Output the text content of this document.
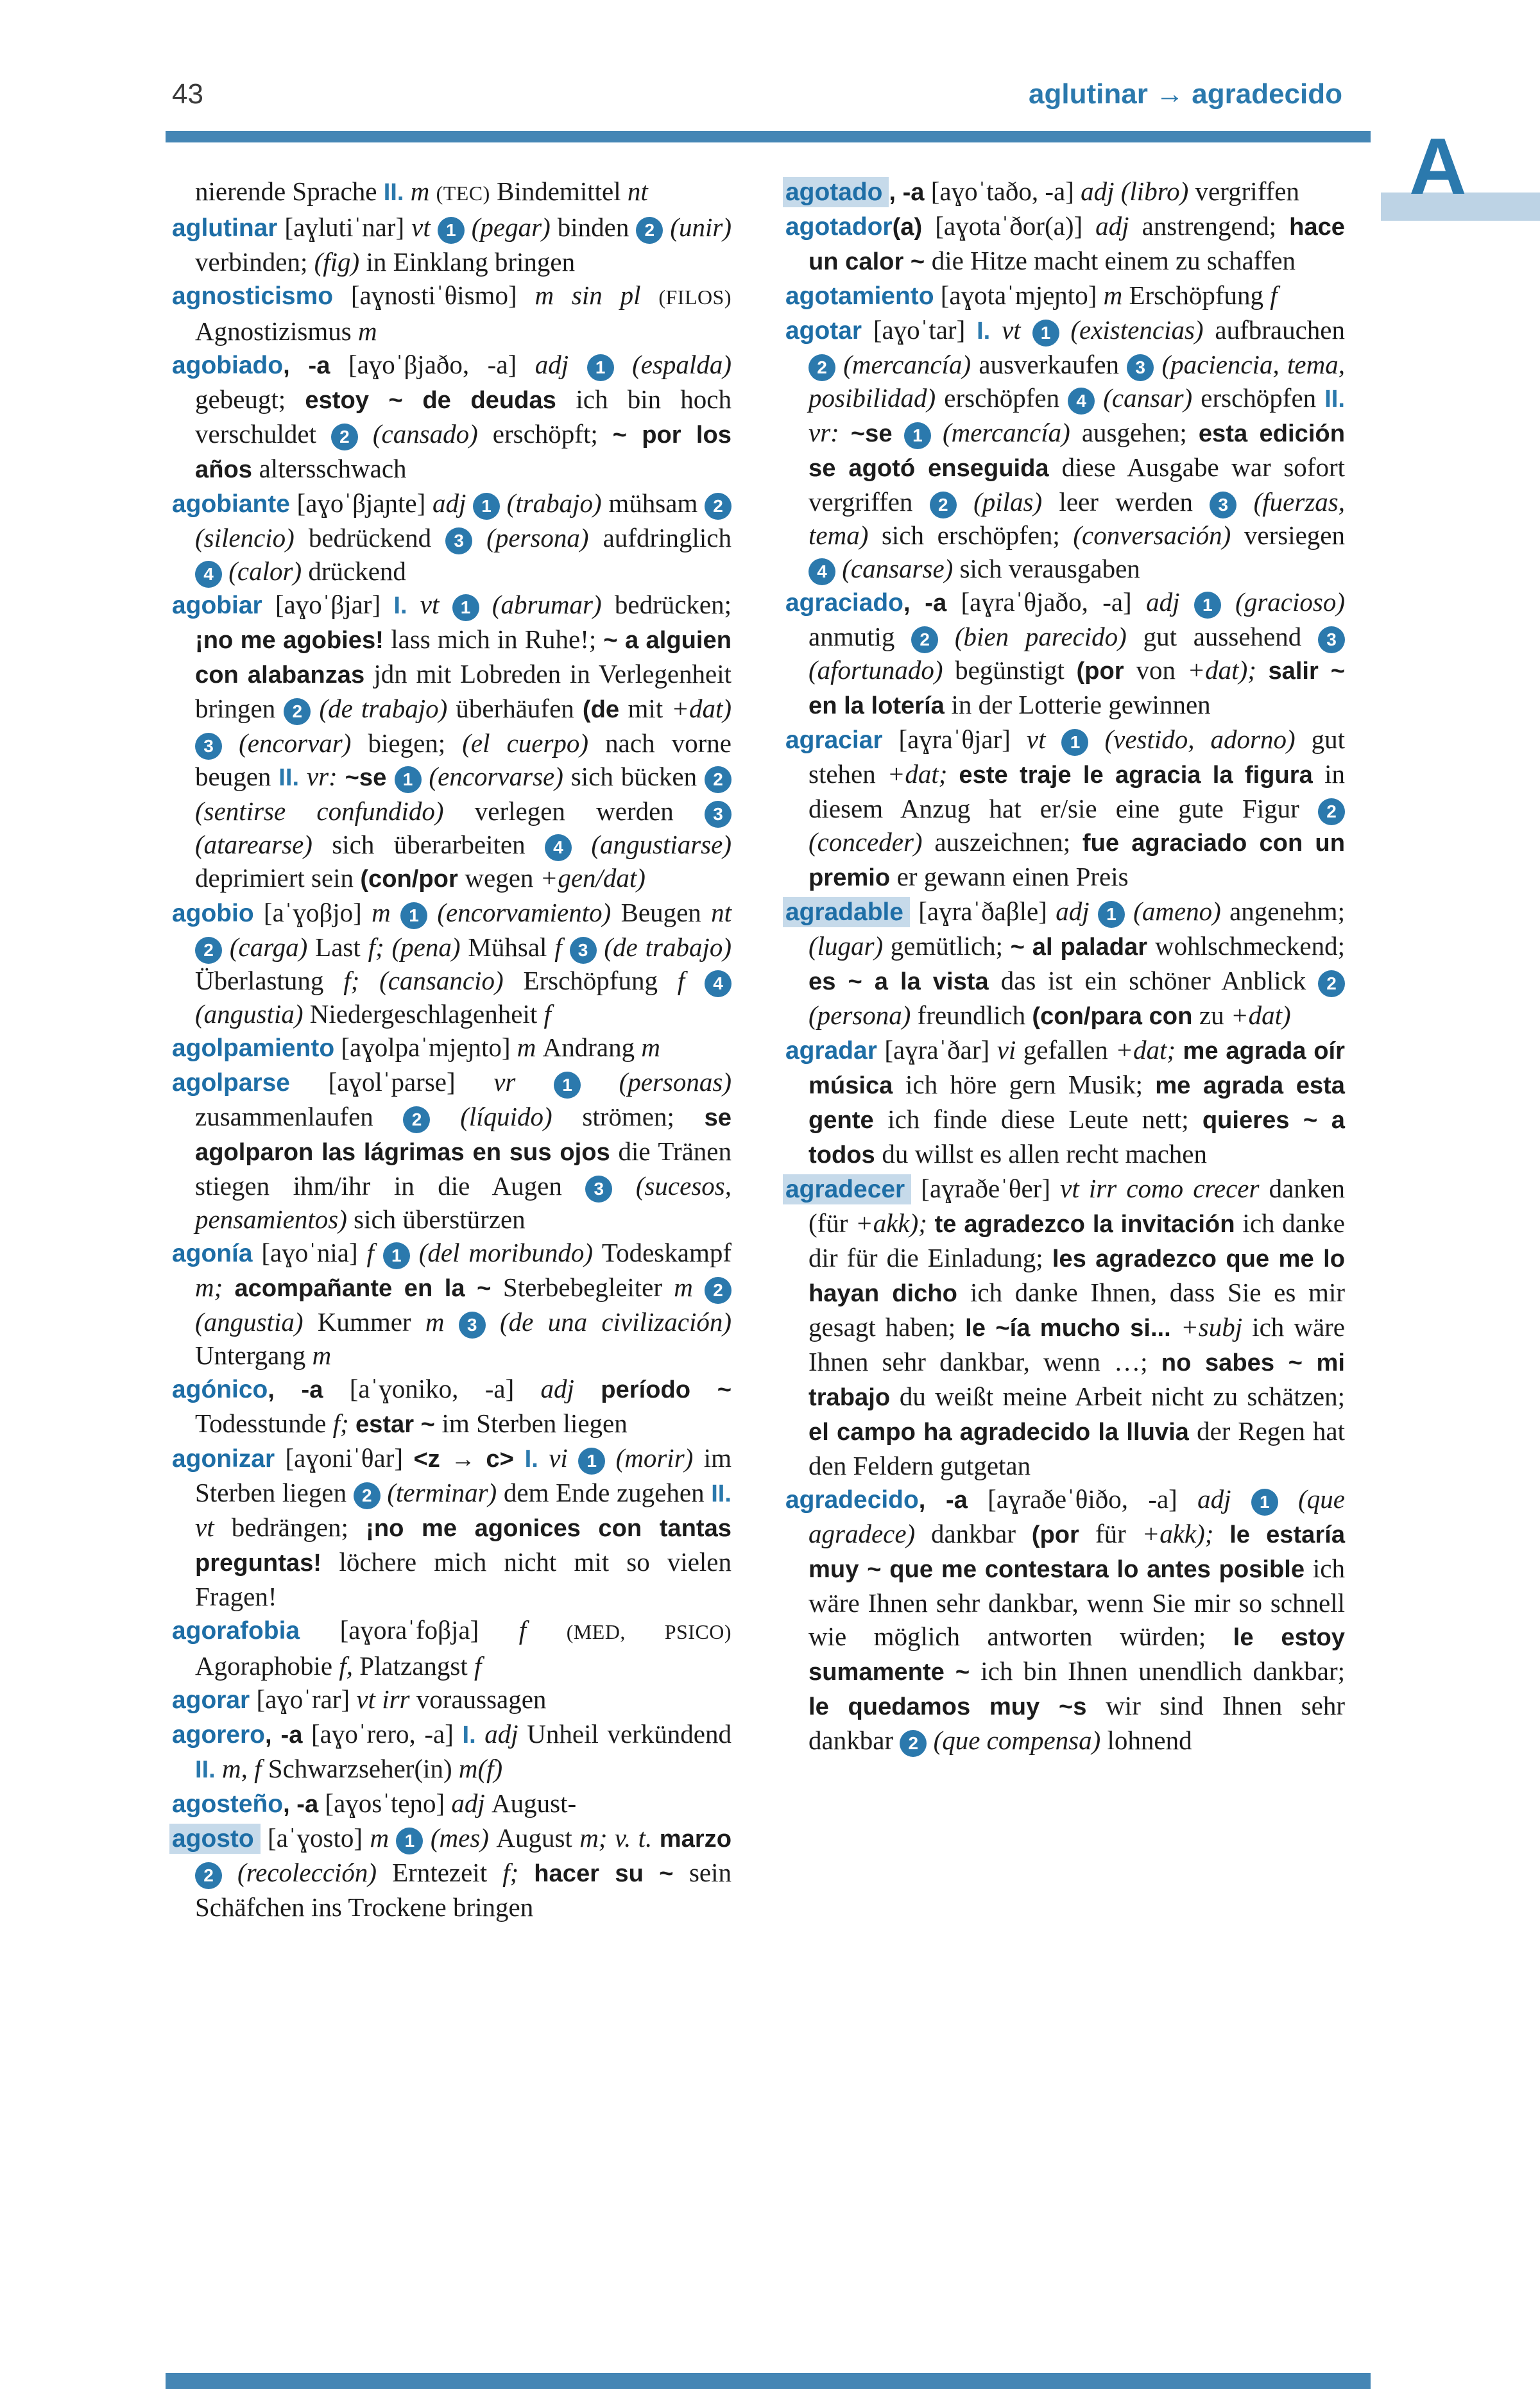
43	aglutinar → agradecido
A

nierende Sprache II. m (TEC) Bindemittel nt

aglutinar [aɣlutiˈnar] vt 1 (pegar) binden 2 (unir) verbinden; (fig) in Einklang bringen

agnosticismo [aɣnostiˈθismo] m sin pl (FILOS) Agnostizismus m

agobiado, -a [aɣoˈβjaðo, -a] adj 1 (espalda) gebeugt; estoy ~ de deudas ich bin hoch verschuldet 2 (cansado) erschöpft; ~ por los años altersschwach

agobiante [aɣoˈβjaɲte] adj 1 (trabajo) mühsam 2 (silencio) bedrückend 3 (persona) aufdringlich 4 (calor) drückend

agobiar [aɣoˈβjar] I. vt 1 (abrumar) bedrücken; ¡no me agobies! lass mich in Ruhe!; ~ a alguien con alabanzas jdn mit Lobreden in Verlegenheit bringen 2 (de trabajo) überhäufen (de mit +dat) 3 (encorvar) biegen; (el cuerpo) nach vorne beugen II. vr: ~se 1 (encorvarse) sich bücken 2 (sentirse confundido) verlegen werden 3 (atarearse) sich überarbeiten 4 (angustiarse) deprimiert sein (con/por wegen +gen/dat)

agobio [aˈɣoβjo] m 1 (encorvamiento) Beugen nt 2 (carga) Last f; (pena) Mühsal f 3 (de trabajo) Überlastung f; (cansancio) Erschöpfung f 4 (angustia) Niedergeschlagenheit f

agolpamiento [aɣolpaˈmjeɲto] m Andrang m

agolparse [aɣolˈparse] vr 1 (personas) zusammenlaufen 2 (líquido) strömen; se agolparon las lágrimas en sus ojos die Tränen stiegen ihm/ihr in die Augen 3 (sucesos, pensamientos) sich überstürzen

agonía [aɣoˈnia] f 1 (del moribundo) Todeskampf m; acompañante en la ~ Sterbebegleiter m 2 (angustia) Kummer m 3 (de una civilización) Untergang m

agónico, -a [aˈɣoniko, -a] adj período ~ Todesstunde f; estar ~ im Sterben liegen

agonizar [aɣoniˈθar] <z → c> I. vi 1 (morir) im Sterben liegen 2 (terminar) dem Ende zugehen II. vt bedrängen; ¡no me agonices con tantas preguntas! löchere mich nicht mit so vielen Fragen!

agorafobia [aɣoraˈfoβja] f (MED, PSICO) Agoraphobie f, Platzangst f

agorar [aɣoˈrar] vt irr voraussagen

agorero, -a [aɣoˈrero, -a] I. adj Unheil verkündend II. m, f Schwarzseher(in) m(f)

agosteño, -a [aɣosˈteɲo] adj August-

agosto [aˈɣosto] m 1 (mes) August m; v. t. marzo 2 (recolección) Erntezeit f; hacer su ~ sein Schäfchen ins Trockene bringen

agotado , -a [aɣoˈtaðo, -a] adj (libro) vergriffen

agotador(a) [aɣotaˈðor(a)] adj anstrengend; hace un calor ~ die Hitze macht einem zu schaffen

agotamiento [aɣotaˈmjeɲto] m Erschöpfung f

agotar [aɣoˈtar] I. vt 1 (existencias) aufbrauchen 2 (mercancía) ausverkaufen 3 (paciencia, tema, posibilidad) erschöpfen 4 (cansar) erschöpfen II. vr: ~se 1 (mercancía) ausgehen; esta edición se agotó enseguida diese Ausgabe war sofort vergriffen 2 (pilas) leer werden 3 (fuerzas, tema) sich erschöpfen; (conversación) versiegen 4 (cansarse) sich verausgaben

agraciado, -a [aɣraˈθjaðo, -a] adj 1 (gracioso) anmutig 2 (bien parecido) gut aussehend 3 (afortunado) begünstigt (por von +dat); salir ~ en la lotería in der Lotterie gewinnen

agraciar [aɣraˈθjar] vt 1 (vestido, adorno) gut stehen +dat; este traje le agracia la figura in diesem Anzug hat er/sie eine gute Figur 2 (conceder) auszeichnen; fue agraciado con un premio er gewann einen Preis

agradable [aɣraˈðaβle] adj 1 (ameno) angenehm; (lugar) gemütlich; ~ al paladar wohlschmeckend; es ~ a la vista das ist ein schöner Anblick 2 (persona) freundlich (con/para con zu +dat)

agradar [aɣraˈðar] vi gefallen +dat; me agrada oír música ich höre gern Musik; me agrada esta gente ich finde diese Leute nett; quieres ~ a todos du willst es allen recht machen

agradecer [aɣraðeˈθer] vt irr como crecer danken (für +akk); te agradezco la invitación ich danke dir für die Einladung; les agradezco que me lo hayan dicho ich danke Ihnen, dass Sie es mir gesagt haben; le ~ía mucho si... +subj ich wäre Ihnen sehr dankbar, wenn …; no sabes ~ mi trabajo du weißt meine Arbeit nicht zu schätzen; el campo ha agradecido la lluvia der Regen hat den Feldern gutgetan

agradecido, -a [aɣraðeˈθiðo, -a] adj 1 (que agradece) dankbar (por für +akk); le estaría muy ~ que me contestara lo antes posible ich wäre Ihnen sehr dankbar, wenn Sie mir so schnell wie möglich antworten würden; le estoy sumamente ~ ich bin Ihnen unendlich dankbar; le quedamos muy ~s wir sind Ihnen sehr dankbar 2 (que compensa) lohnend
